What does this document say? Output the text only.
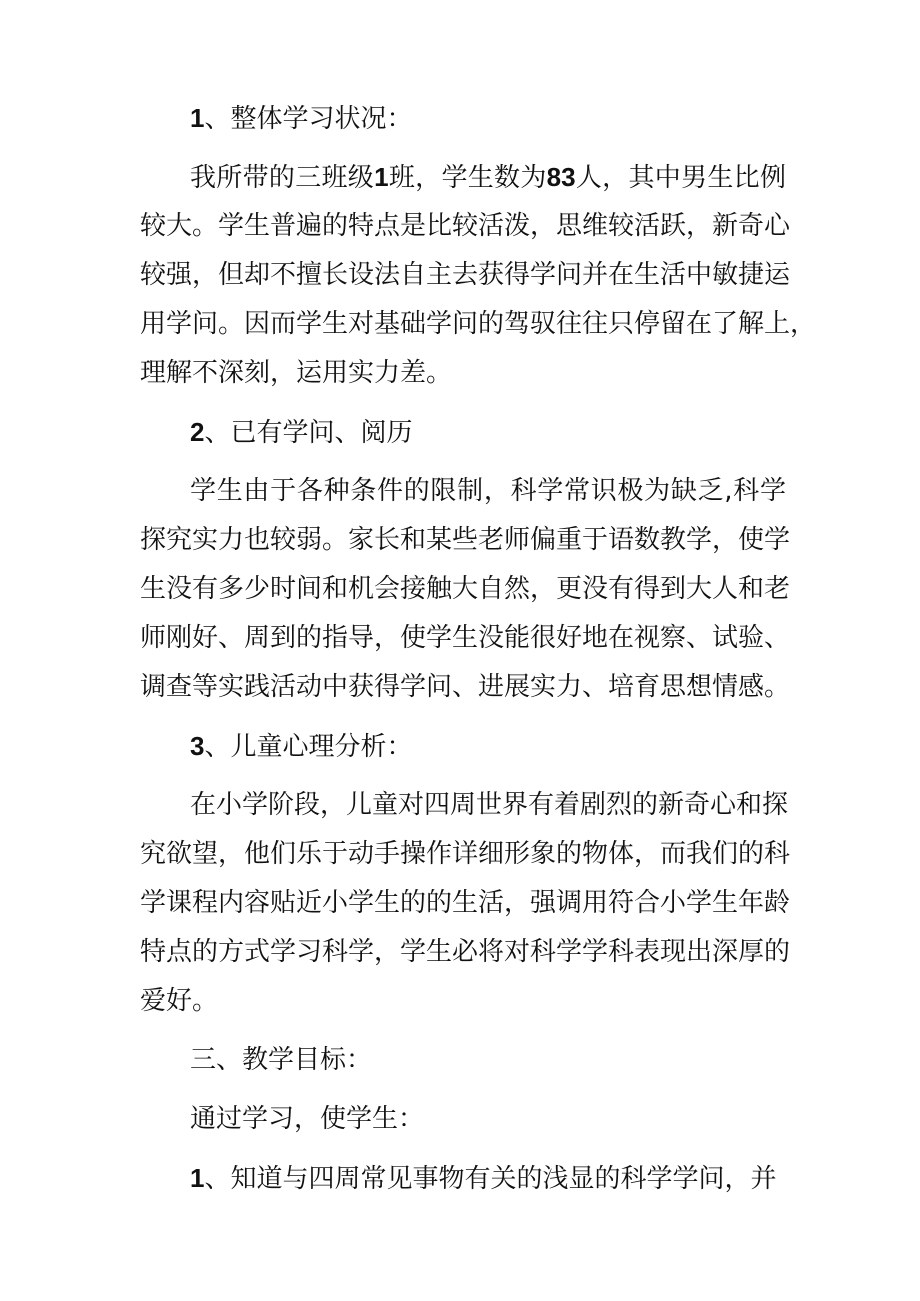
1、整体学习状况：
我所带的三班级1班，学生数为83人，其中男生比例
较大。学生普遍的特点是比较活泼，思维较活跃，新奇心
较强，但却不擅长设法自主去获得学问并在生活中敏捷运
用学问。因而学生对基础学问的驾驭往往只停留在了解上，
理解不深刻，运用实力差。
2、已有学问、阅历
学生由于各种条件的限制，科学常识极为缺乏,科学
探究实力也较弱。家长和某些老师偏重于语数教学，使学
生没有多少时间和机会接触大自然，更没有得到大人和老
师刚好、周到的指导，使学生没能很好地在视察、试验、
调查等实践活动中获得学问、进展实力、培育思想情感。
3、儿童心理分析：
在小学阶段，儿童对四周世界有着剧烈的新奇心和探
究欲望，他们乐于动手操作详细形象的物体，而我们的科
学课程内容贴近小学生的的生活，强调用符合小学生年龄
特点的方式学习科学，学生必将对科学学科表现出深厚的
爱好。
三、教学目标：
通过学习，使学生：
1、知道与四周常见事物有关的浅显的科学学问，并
